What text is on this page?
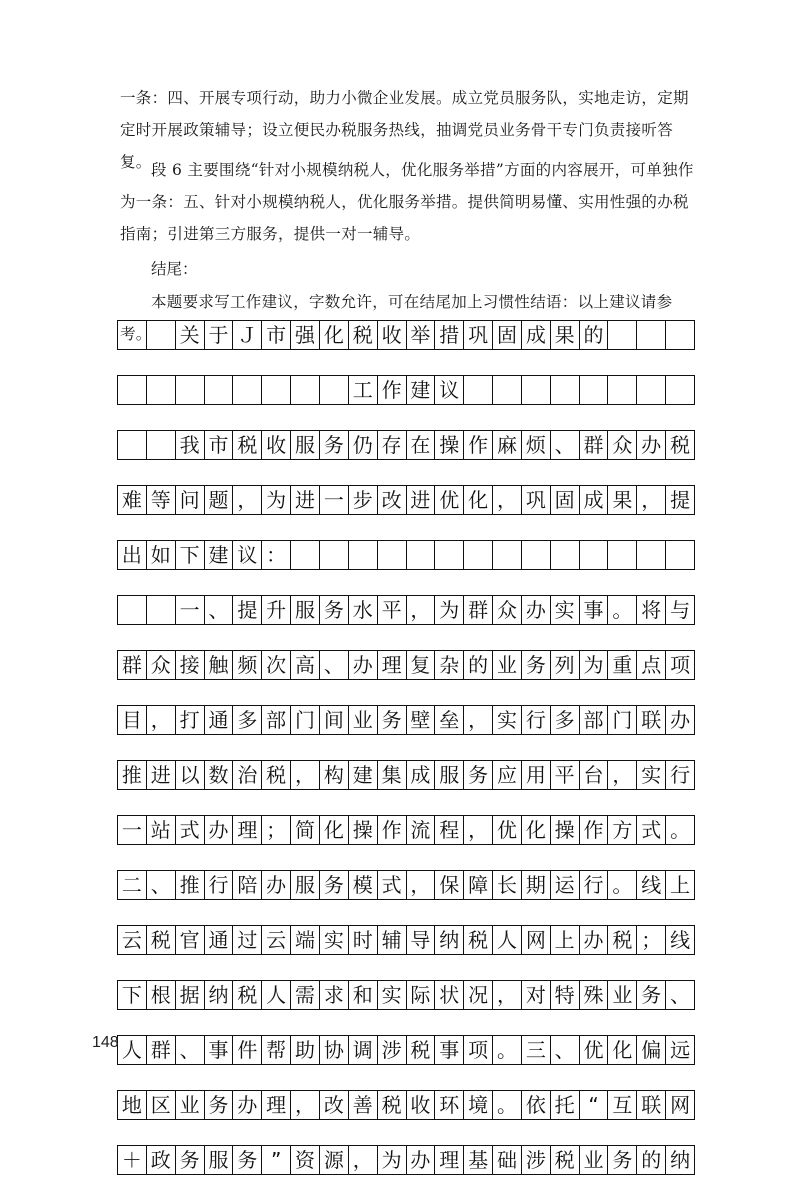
一条：四、开展专项行动，助力小微企业发展。成立党员服务队，实地走访，定期定时开展政策辅导；设立便民办税服务热线，抽调党员业务骨干专门负责接听答复。 段 6 主要围绕“针对小规模纳税人，优化服务举措”方面的内容展开，可单独作为一条：五、针对小规模纳税人，优化服务举措。提供简明易懂、实用性强的办税指南；引进第三方服务，提供一对一辅导。

结尾：

本题要求写工作建议，字数允许，可在结尾加上习惯性结语：以上建议请参考。	关 于 Ｊ 市 强 化 税 收 举 措 巩 固 成 果 的
工 作 建 议
我 市 税 收 服 务 仍 存 在 操 作 麻 烦 、 群 众 办 税
难 等 问 题 ， 为 进 一 步 改 进 优 化 ， 巩 固 成 果 ， 提
出 如 下 建 议 ：
一 、 提 升 服 务 水 平 ， 为 群 众 办 实 事 。 将 与
群 众 接 触 频 次 高 、 办 理 复 杂 的 业 务 列 为 重 点 项
目 ， 打 通 多 部 门 间 业 务 壁 垒 ， 实 行 多 部 门 联 办
推 进 以 数 治 税 ， 构 建 集 成 服 务 应 用 平 台 ， 实 行
一 站 式 办 理 ； 简 化 操 作 流 程 ， 优 化 操 作 方 式 。
二 、 推 行 陪 办 服 务 模 式 ， 保 障 长 期 运 行 。 线 上
云 税 官 通 过 云 端 实 时 辅 导 纳 税 人 网 上 办 税 ； 线
下 根 据 纳 税 人 需 求 和 实 际 状 况 ， 对 特 殊 业 务 、
人 群 、 事 件 帮 助 协 调 涉 税 事 项 。 三 、 优 化 偏 远
地 区 业 务 办 理 ， 改 善 税 收 环 境 。 依 托 “ 互 联 网
＋ 政 务 服 务 ” 资 源 ， 为 办 理 基 础 涉 税 业 务 的 纳
148
